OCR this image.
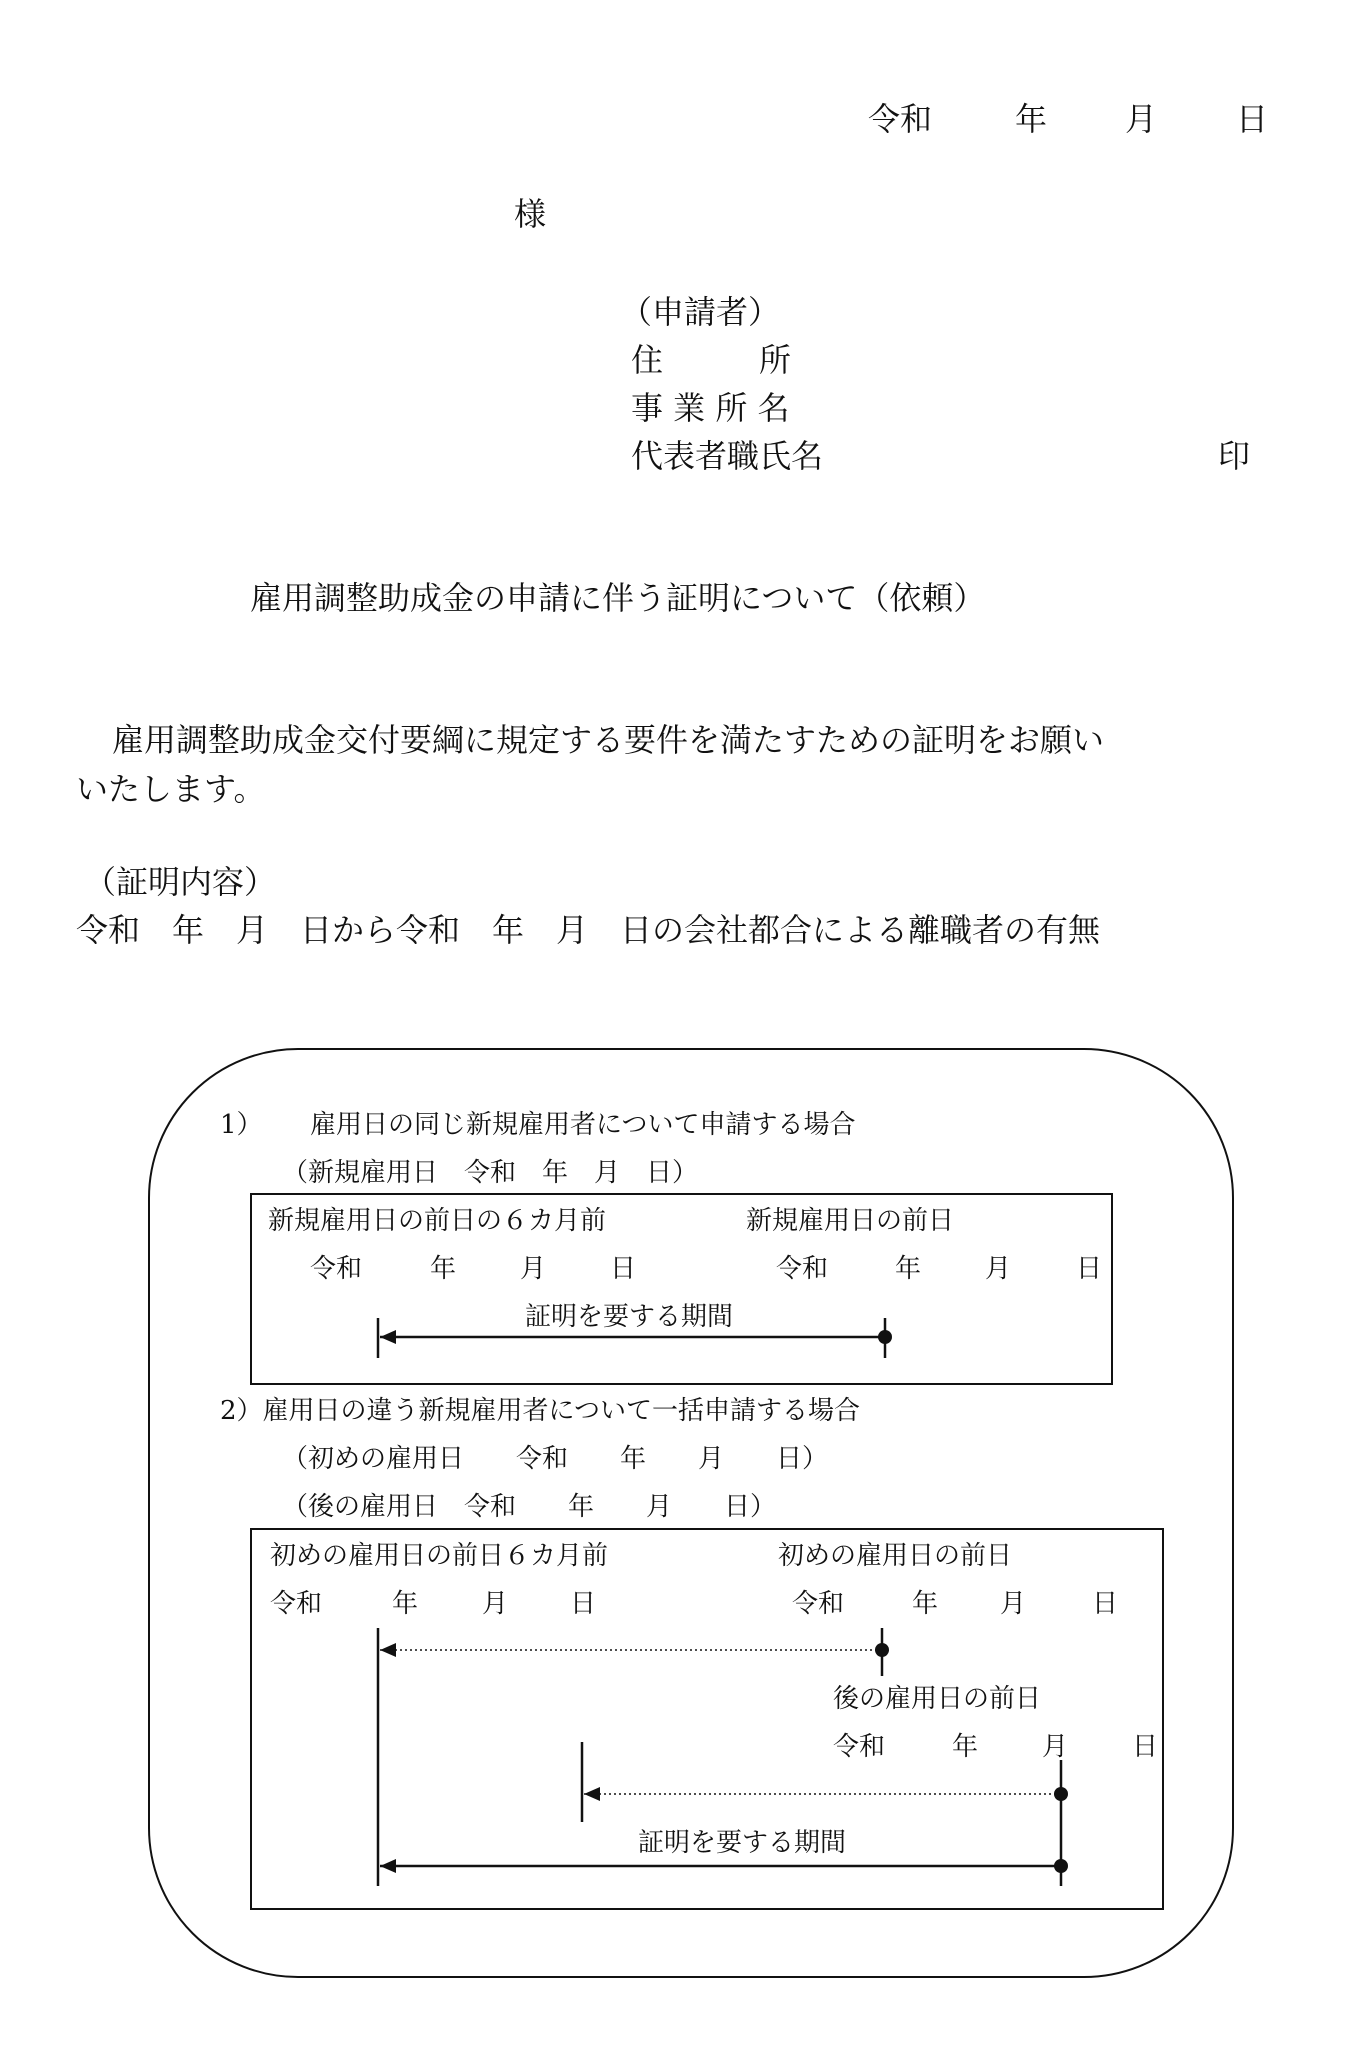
令和	年 月 日
様
（申請者）
住　　　所
事 業 所 名
代表者職氏名	印
雇用調整助成金の申請に伴う証明について（依頼）
雇用調整助成金交付要綱に規定する要件を満たすための証明をお願い
いたします。
（証明内容）
令和　年　月　日から令和　年　月　日の会社都合による離職者の有無
1） 雇用日の同じ新規雇用者について申請する場合
（新規雇用日　令和　年　月　日）
新規雇用日の前日の６カ月前	新規雇用日の前日
令和	年 月 日	令和	年 月 日
証明を要する期間
2）雇用日の違う新規雇用者について一括申請する場合
（初めの雇用日　　令和　　年　　月　　日）
（後の雇用日　令和　　年　　月　　日）
初めの雇用日の前日６カ月前	初めの雇用日の前日
令和	年 月 日	令和	年 月	日
後の雇用日の前日
令和	年 月 日
証明を要する期間
